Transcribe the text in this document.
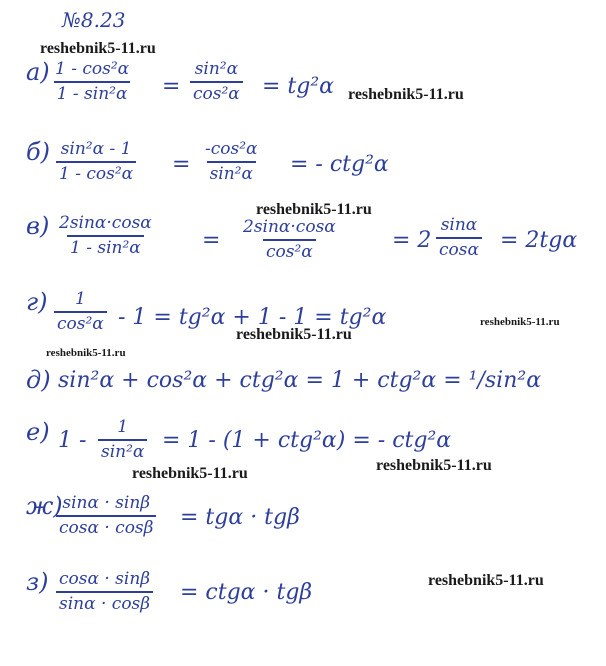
№8.23
reshebnik5-11.ru
reshebnik5-11.ru
reshebnik5-11.ru
reshebnik5-11.ru
reshebnik5-11.ru
reshebnik5-11.ru
reshebnik5-11.ru	reshebnik5-11.ru
reshebnik5-11.ru
$а) \frac{\text{1 - cos²α}}{\text{1 - sin²α}} = \frac{\text{sin²α}}{\text{cos²α}} = tg^2\alpha$
$б) \frac{\text{sin²α - 1}}{\text{1 - cos²α}} = \frac{\text{-cos²α}}{\text{sin²α}}$ = - ctg²α
$в) \frac{2\sin\alpha\cdot\cos\alpha}{\text{1 - sin²α}} = \frac{2\sin\alpha\cdot\cos\alpha}{\text{cos²α}} = 2 \frac{\sin\alpha}{\cos\alpha} = 2tg\alpha$
$г) \frac{1}{\text{cos²α}} - 1 = tg^2\alpha + 1 - 1 = tg^2\alpha$
д) sin²α + cos²α + ctg²α = 1 + ctg²α = ¹/sin²α
е) $1 - \frac{1}{\text{sin²α}} = 1 - (1 + ctg^2\alpha)$ = - ctg²α
ж)
$\frac{\sin\alpha \cdot \sin\beta}{\cos\alpha \cdot \cos\beta} = tg\alpha \cdot tg\beta$
$з) \frac{\cos\alpha \cdot \sin\beta}{\sin\alpha \cdot \cos\beta} = ctg\alpha \cdot tg\beta$
